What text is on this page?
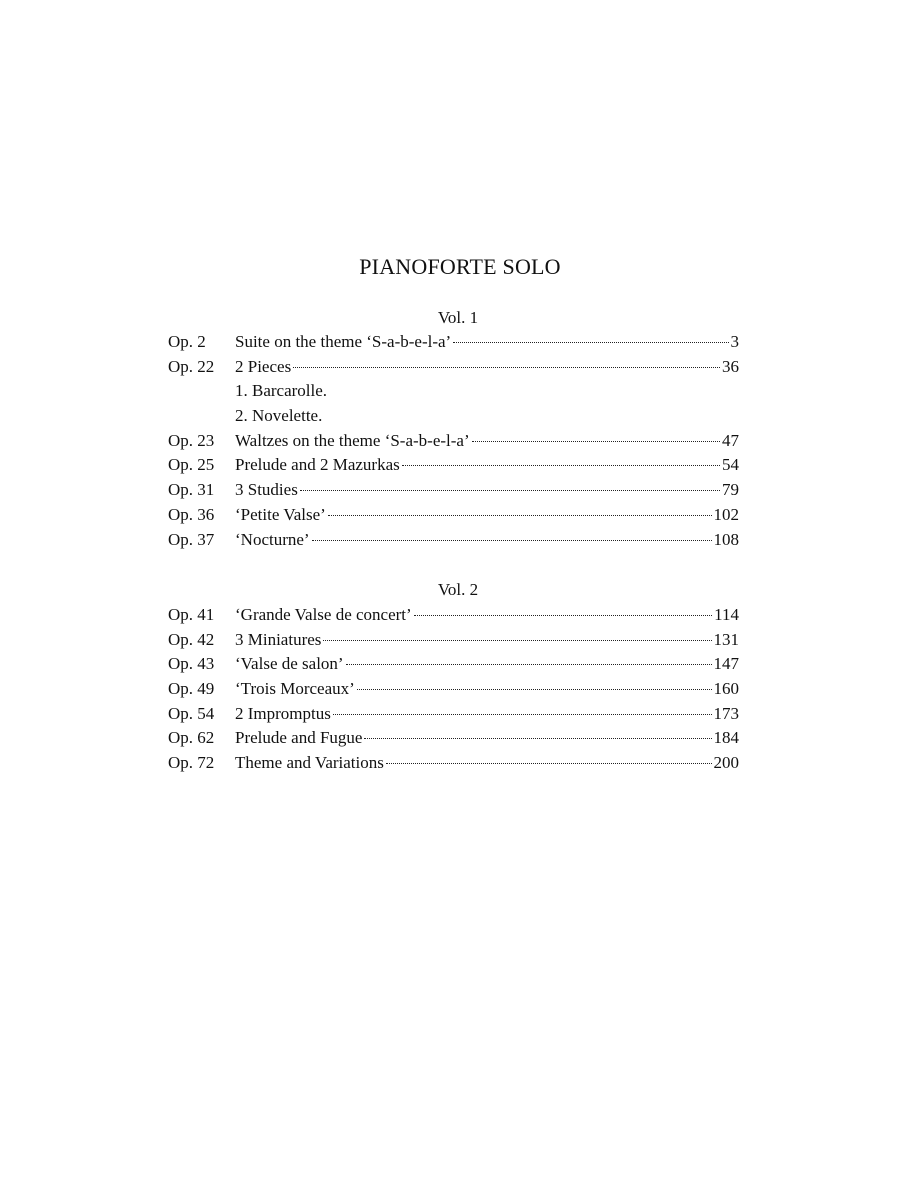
PIANOFORTE SOLO
Vol. 1
Op. 2	Suite on the theme ‘S-a-b-e-l-a’	3
Op. 22	2 Pieces	36
1. Barcarolle.
2. Novelette.
Op. 23	Waltzes on the theme ‘S-a-b-e-l-a’	47
Op. 25	Prelude and 2 Mazurkas	54
Op. 31	3 Studies	79
Op. 36	‘Petite Valse’	102
Op. 37	‘Nocturne’	108
Vol. 2
Op. 41	‘Grande Valse de concert’	114
Op. 42	3 Miniatures	131
Op. 43	‘Valse de salon’	147
Op. 49	‘Trois Morceaux’	160
Op. 54	2 Impromptus	173
Op. 62	Prelude and Fugue	184
Op. 72	Theme and Variations	200
